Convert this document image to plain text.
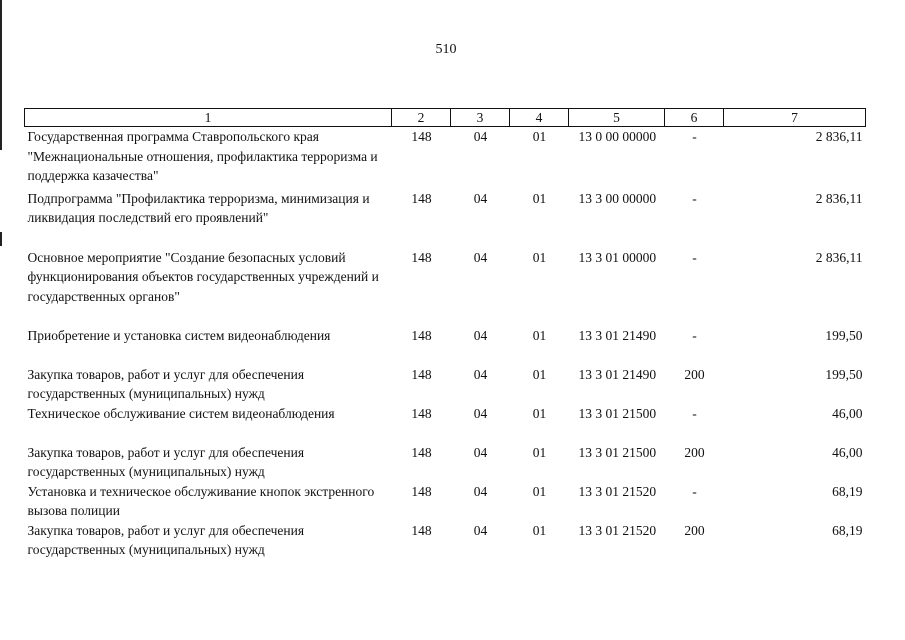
510
1	2	3	4	5	6	7
Государственная программа Ставропольского края "Межнациональные отношения, профилактика терроризма и поддержка казачества"	148	04	01	13 0 00 00000	-	2 836,11
Подпрограмма "Профилактика терроризма, минимизация и ликвидация последствий его проявлений"	148	04	01	13 3 00 00000	-	2 836,11
Основное мероприятие "Создание безопасных условий функционирования объектов государственных учреждений и государственных органов"	148	04	01	13 3 01 00000	-	2 836,11
Приобретение и установка систем видеонаблюдения	148	04	01	13 3 01 21490	-	199,50
Закупка товаров, работ и услуг для обеспечения государственных (муниципальных) нужд	148	04	01	13 3 01 21490	200	199,50
Техническое обслуживание систем видеонаблюдения	148	04	01	13 3 01 21500	-	46,00
Закупка товаров, работ и услуг для обеспечения государственных (муниципальных) нужд	148	04	01	13 3 01 21500	200	46,00
Установка и техническое обслуживание кнопок экстренного вызова полиции	148	04	01	13 3 01 21520	-	68,19
Закупка товаров, работ и услуг для обеспечения государственных (муниципальных) нужд	148	04	01	13 3 01 21520	200	68,19
